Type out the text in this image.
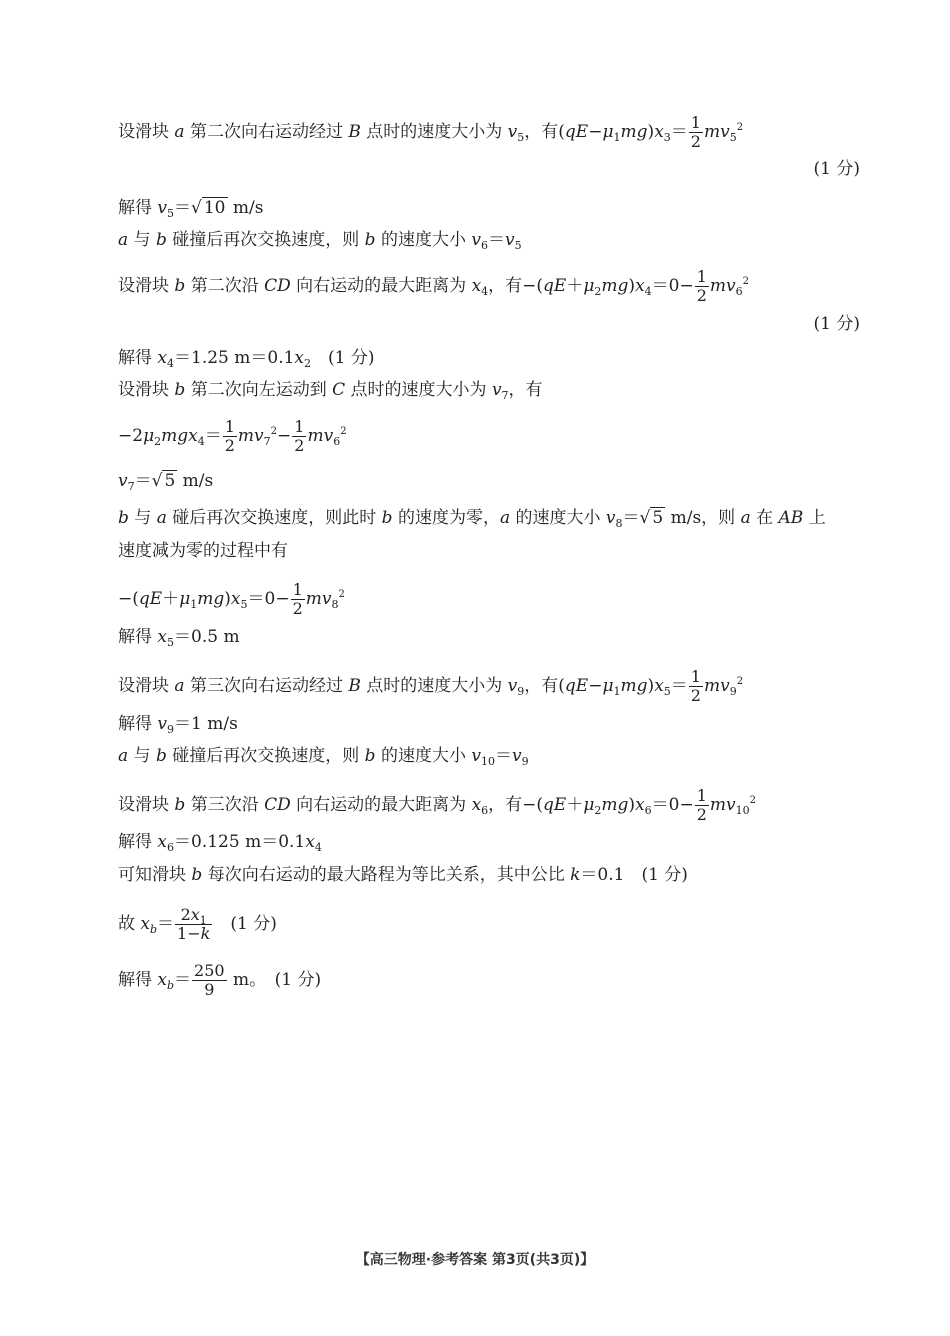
设滑块 a 第二次向右运动经过 B 点时的速度大小为 $v_5$，有$(qE-\mu_1mg)x_3= \frac{1}{2} mv_5^2$
(1 分)
解得 $v_5=√$ 10 m/s
a 与 b 碰撞后再次交换速度，则 b 的速度大小 $v_6=v_5$
设滑块 b 第二次沿 CD 向右运动的最大距离为 $x_4$，有$-(qE+\mu_2mg)x_4=0- \frac{1}{2} mv_6^2$
(1 分)
解得 $x_4=1.25$ $m=0.1x_2$　(1 分)
设滑块 b 第二次向左运动到 C 点时的速度大小为 $v_7$，有
$-2\mu_2mgx_4= \frac{1}{2} mv_7^2- \frac{1}{2} mv_6^2$
$v_7=√$ 5 m/s
b 与 a 碰后再次交换速度，则此时 b 的速度为零，a 的速度大小 $v_8=√$ 5 m/s，则 a 在 AB 上
速度减为零的过程中有
$-(qE+\mu_1mg)x_5=0- \frac{1}{2} mv_8^2$
解得 $x_5=0.5$ m
设滑块 a 第三次向右运动经过 B 点时的速度大小为 $v_9$，有$(qE-\mu_1mg)x_5= \frac{1}{2} mv_9^2$
解得 $v_9=1$ m/s
a 与 b 碰撞后再次交换速度，则 b 的速度大小 $v_{10}=v_9$
设滑块 b 第三次沿 CD 向右运动的最大距离为 $x_6$，有$-(qE+\mu_2mg)x_6=0- \frac{1}{2} mv_{10}^2$
解得 $x_6=0.125$ $m=0.1x_4$
可知滑块 b 每次向右运动的最大路程为等比关系，其中公比 k＝0.1　(1 分)
故 $x_b= \frac{2x_1}{1-k}$ 　(1 分)
解得 $x_b= \frac{250}{9}$ m。　(1 分)
【高三物理·参考答案 第3页(共3页)】
